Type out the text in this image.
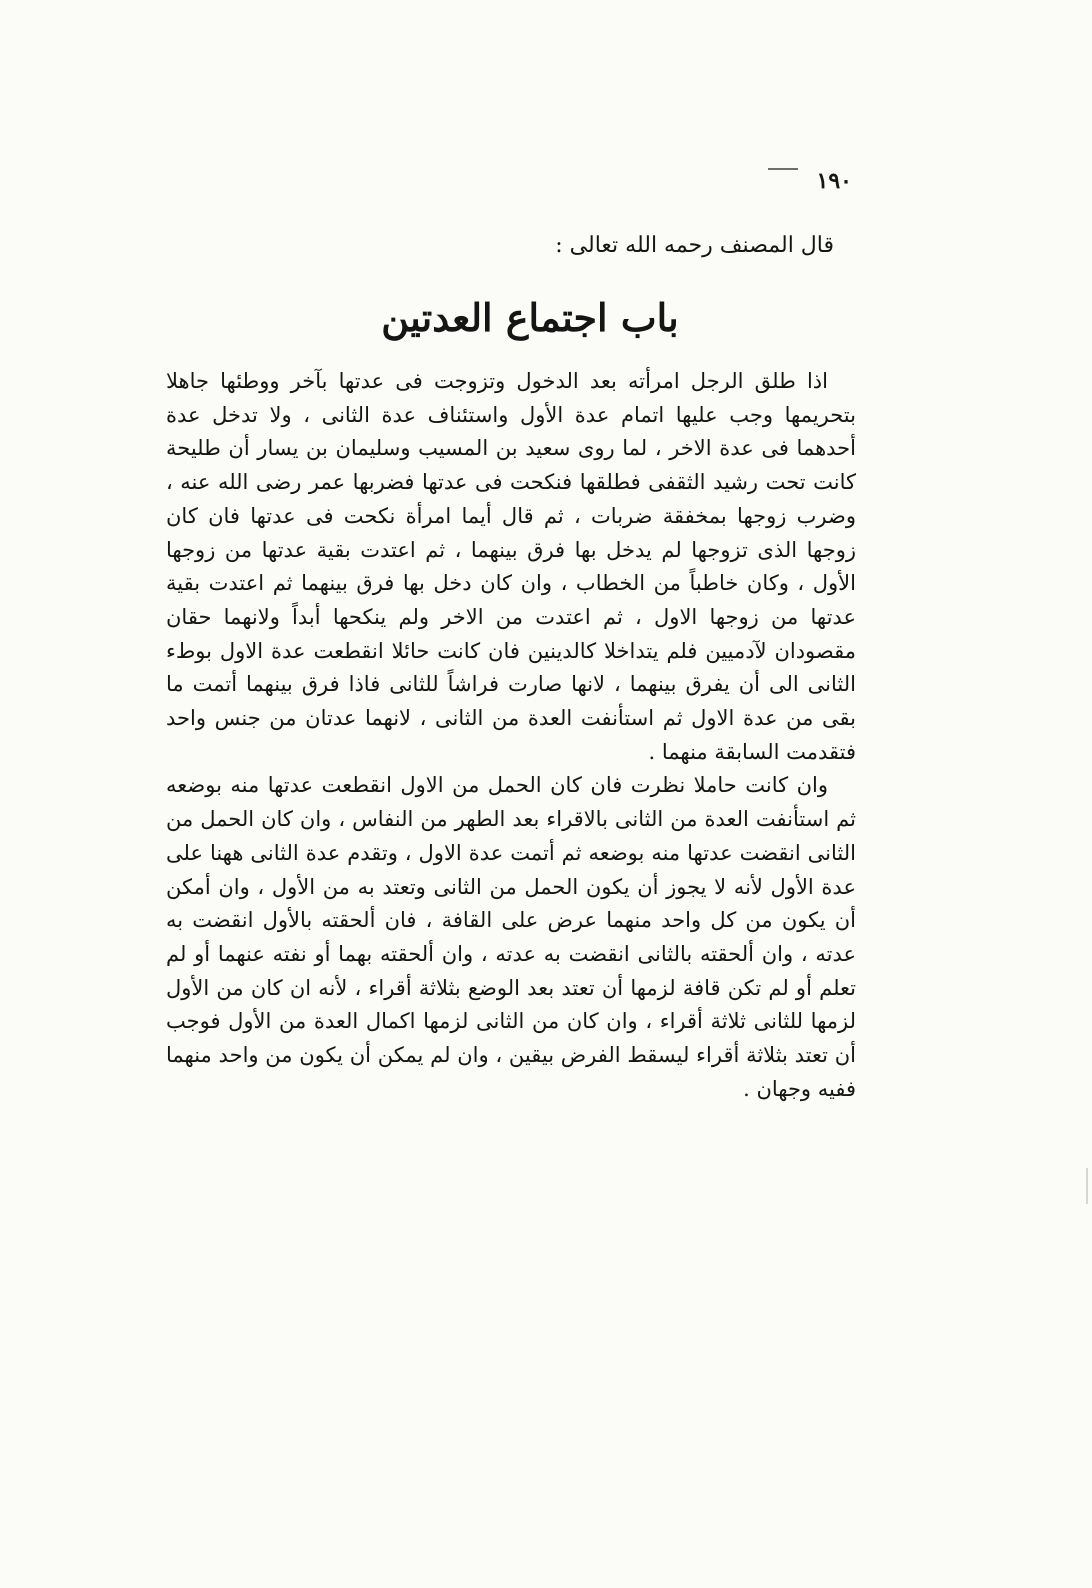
١٩٠
قال المصنف رحمه الله تعالى :
باب اجتماع العدتين

اذا طلق الرجل امرأته بعد الدخول وتزوجت فى عدتها بآخر ووطئها جاهلا بتحريمها وجب عليها اتمام عدة الأول واستئناف عدة الثانى ، ولا تدخل عدة أحدهما فى عدة الاخر ، لما روى سعيد بن المسيب وسليمان بن يسار أن طليحة كانت تحت رشيد الثقفى فطلقها فنكحت فى عدتها فضربها عمر رضى الله عنه ، وضرب زوجها بمخفقة ضربات ، ثم قال أيما امرأة نكحت فى عدتها فان كان زوجها الذى تزوجها لم يدخل بها فرق بينهما ، ثم اعتدت بقية عدتها من زوجها الأول ، وكان خاطباً من الخطاب ، وان كان دخل بها فرق بينهما ثم اعتدت بقية عدتها من زوجها الاول ، ثم اعتدت من الاخر ولم ينكحها أبداً ولانهما حقان مقصودان لآدميين فلم يتداخلا كالدينين فان كانت حائلا انقطعت عدة الاول بوطء الثانى الى أن يفرق بينهما ، لانها صارت فراشاً للثانى فاذا فرق بينهما أتمت ما بقى من عدة الاول ثم استأنفت العدة من الثانى ، لانهما عدتان من جنس واحد فتقدمت السابقة منهما .

وان كانت حاملا نظرت فان كان الحمل من الاول انقطعت عدتها منه بوضعه ثم استأنفت العدة من الثانى بالاقراء بعد الطهر من النفاس ، وان كان الحمل من الثانى انقضت عدتها منه بوضعه ثم أتمت عدة الاول ، وتقدم عدة الثانى ههنا على عدة الأول لأنه لا يجوز أن يكون الحمل من الثانى وتعتد به من الأول ، وان أمكن أن يكون من كل واحد منهما عرض على القافة ، فان ألحقته بالأول انقضت به عدته ، وان ألحقته بالثانى انقضت به عدته ، وان ألحقته بهما أو نفته عنهما أو لم تعلم أو لم تكن قافة لزمها أن تعتد بعد الوضع بثلاثة أقراء ، لأنه ان كان من الأول لزمها للثانى ثلاثة أقراء ، وان كان من الثانى لزمها اكمال العدة من الأول فوجب أن تعتد بثلاثة أقراء ليسقط الفرض بيقين ، وان لم يمكن أن يكون من واحد منهما ففيه وجهان .
